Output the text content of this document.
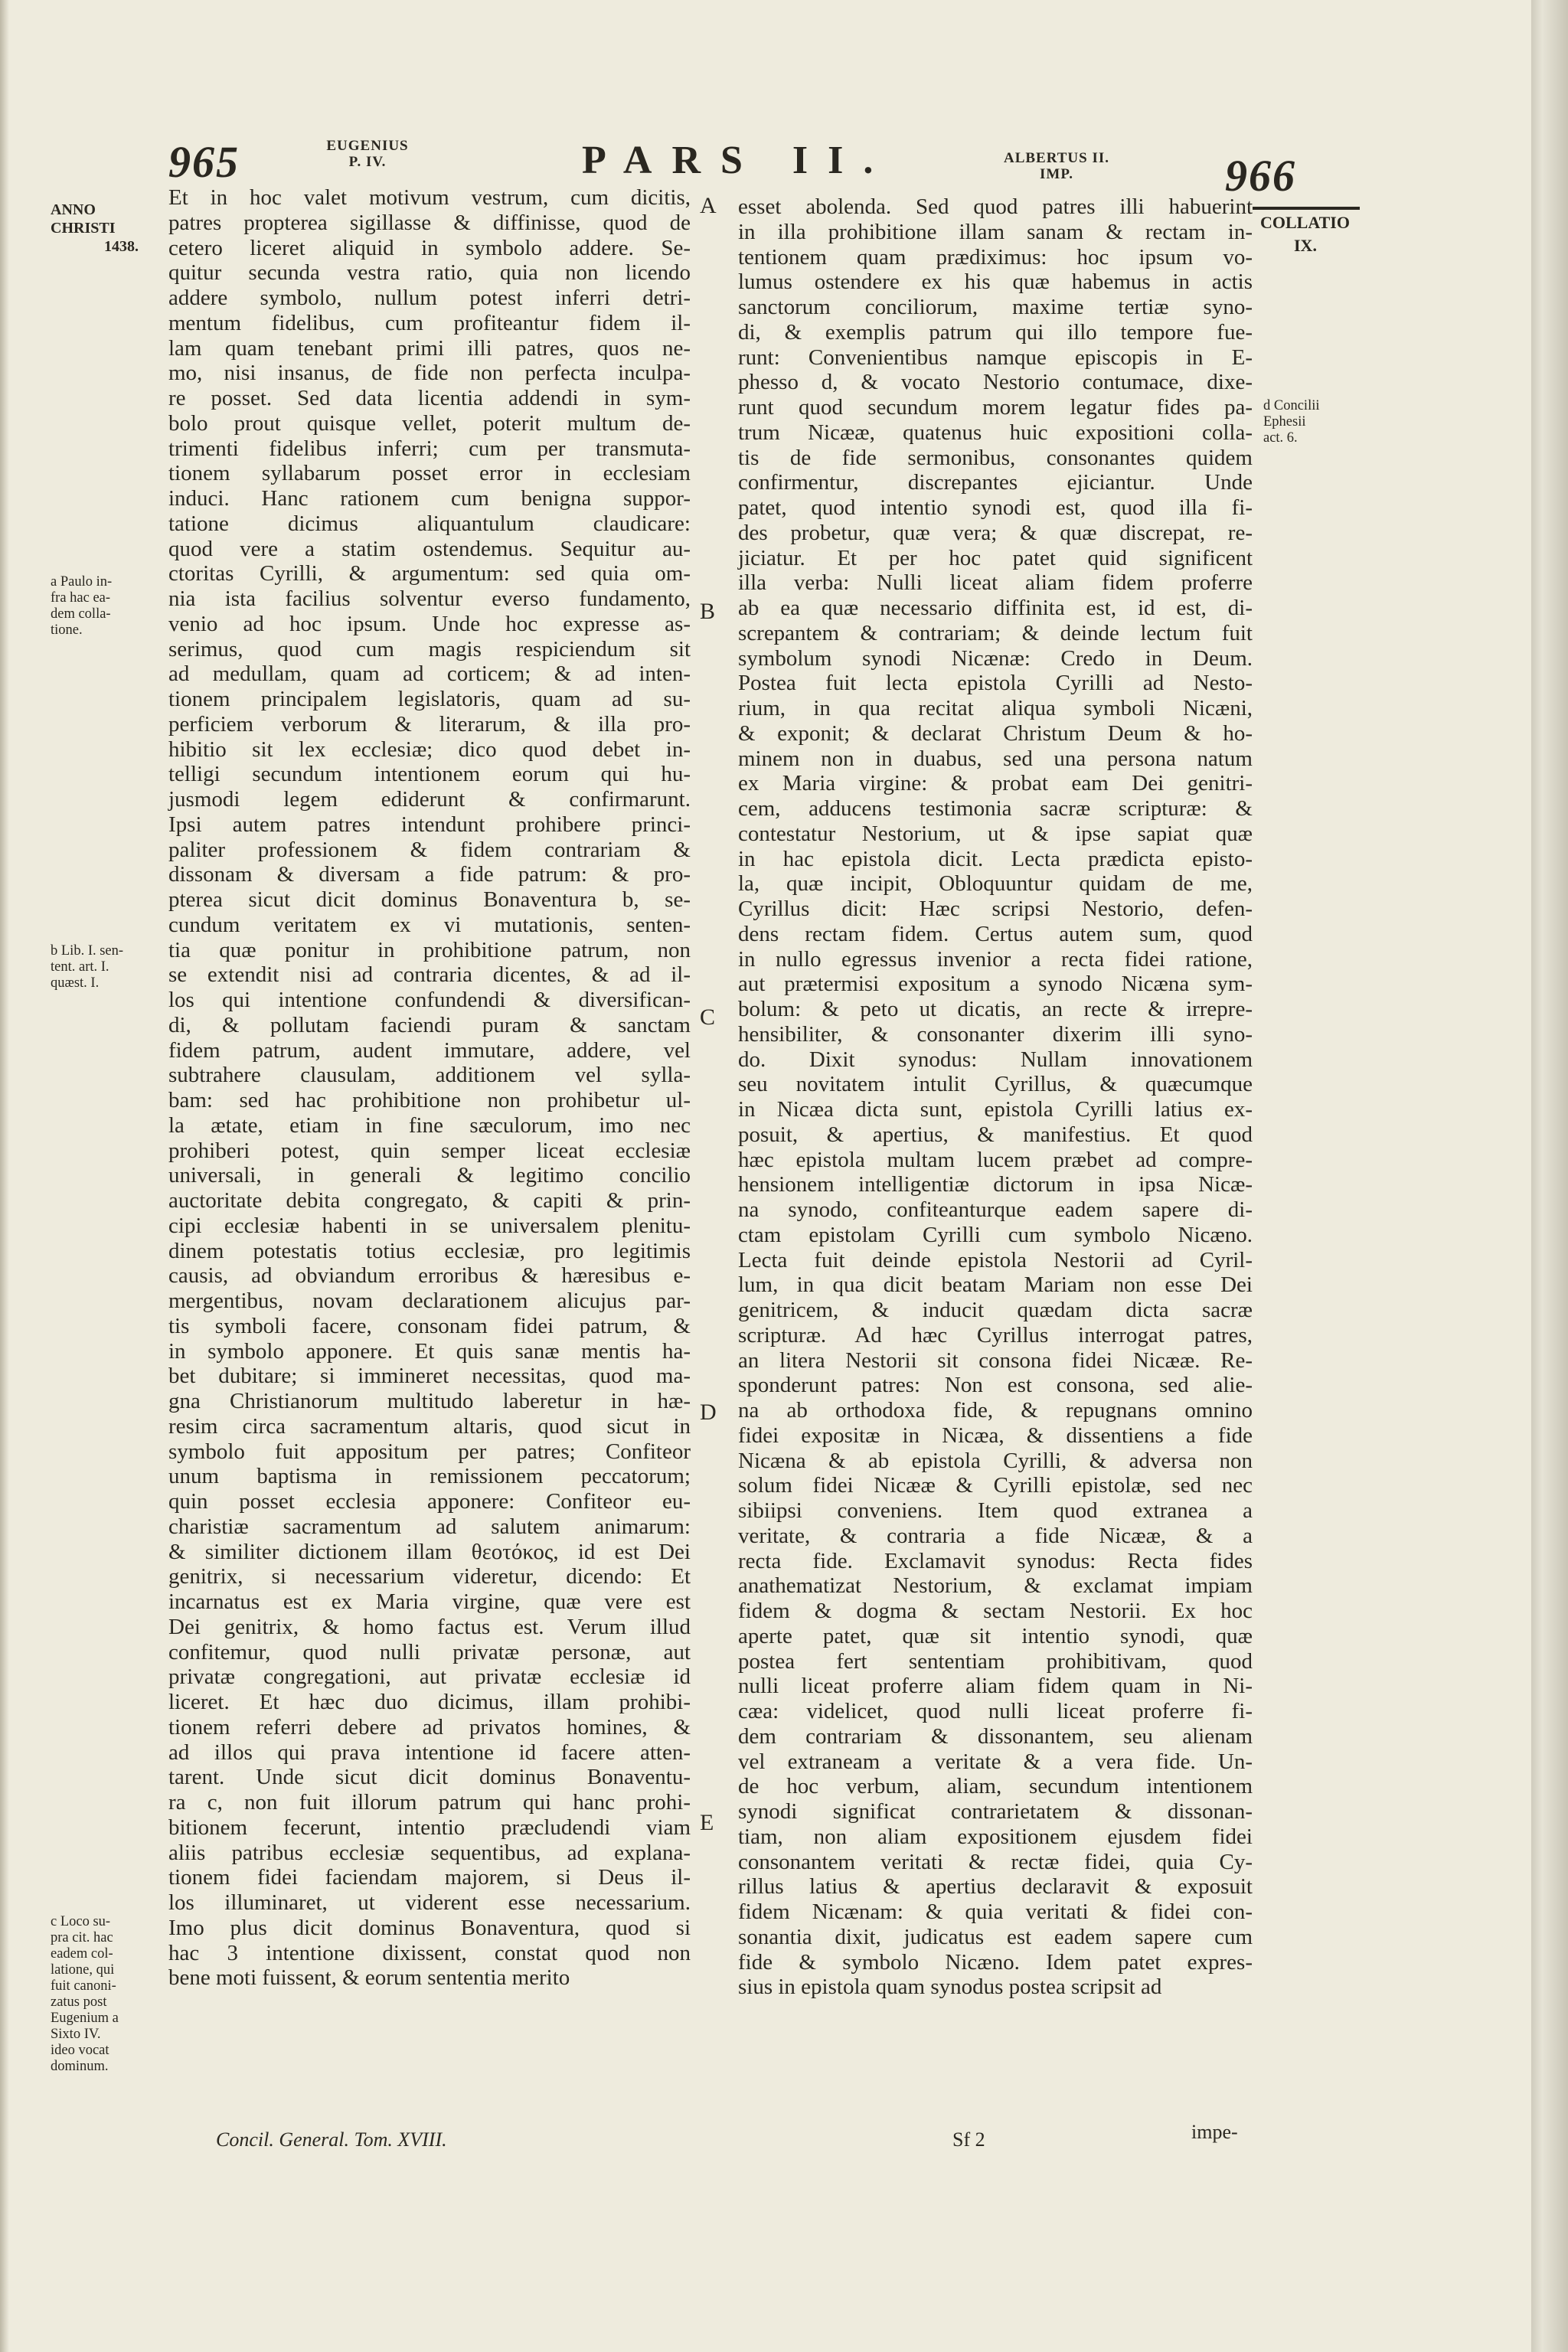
965	EUGENIUS
P. IV.	PARS II.	ALBERTUS II.
IMP.	966
ANNO
CHRISTI
1438.
a Paulo in-
fra hac ea-
dem colla-
tione.
b Lib. I. sen-
tent. art. I.
quæst. I.
c Loco su-
pra cit. hac
eadem col-
latione, qui
fuit canoni-
zatus post
Eugenium a
Sixto IV.
ideo vocat
dominum.
COLLATIO
IX.
d Concilii
Ephesii
act. 6.
A
B
C
D
E
Et in hoc valet motivum vestrum, cum dicitis,
patres propterea sigillasse & diffinisse, quod de
cetero liceret aliquid in symbolo addere. Se-
quitur secunda vestra ratio, quia non licendo
addere symbolo, nullum potest inferri detri-
mentum fidelibus, cum profiteantur fidem il-
lam quam tenebant primi illi patres, quos ne-
mo, nisi insanus, de fide non perfecta inculpa-
re posset. Sed data licentia addendi in sym-
bolo prout quisque vellet, poterit multum de-
trimenti fidelibus inferri; cum per transmuta-
tionem syllabarum posset error in ecclesiam
induci. Hanc rationem cum benigna suppor-
tatione dicimus aliquantulum claudicare:
quod vere a statim ostendemus. Sequitur au-
ctoritas Cyrilli, & argumentum: sed quia om-
nia ista facilius solventur everso fundamento,
venio ad hoc ipsum. Unde hoc expresse as-
serimus, quod cum magis respiciendum sit
ad medullam, quam ad corticem; & ad inten-
tionem principalem legislatoris, quam ad su-
perficiem verborum & literarum, & illa pro-
hibitio sit lex ecclesiæ; dico quod debet in-
telligi secundum intentionem eorum qui hu-
jusmodi legem ediderunt & confirmarunt.
Ipsi autem patres intendunt prohibere princi-
paliter professionem & fidem contrariam &
dissonam & diversam a fide patrum: & pro-
pterea sicut dicit dominus Bonaventura b, se-
cundum veritatem ex vi mutationis, senten-
tia quæ ponitur in prohibitione patrum, non
se extendit nisi ad contraria dicentes, & ad il-
los qui intentione confundendi & diversifican-
di, & pollutam faciendi puram & sanctam
fidem patrum, audent immutare, addere, vel
subtrahere clausulam, additionem vel sylla-
bam: sed hac prohibitione non prohibetur ul-
la ætate, etiam in fine sæculorum, imo nec
prohiberi potest, quin semper liceat ecclesiæ
universali, in generali & legitimo concilio
auctoritate debita congregato, & capiti & prin-
cipi ecclesiæ habenti in se universalem plenitu-
dinem potestatis totius ecclesiæ, pro legitimis
causis, ad obviandum erroribus & hæresibus e-
mergentibus, novam declarationem alicujus par-
tis symboli facere, consonam fidei patrum, &
in symbolo apponere. Et quis sanæ mentis ha-
bet dubitare; si immineret necessitas, quod ma-
gna Christianorum multitudo laberetur in hæ-
resim circa sacramentum altaris, quod sicut in
symbolo fuit appositum per patres; Confiteor
unum baptisma in remissionem peccatorum;
quin posset ecclesia apponere: Confiteor eu-
charistiæ sacramentum ad salutem animarum:
& similiter dictionem illam θεοτόκος, id est Dei
genitrix, si necessarium videretur, dicendo: Et
incarnatus est ex Maria virgine, quæ vere est
Dei genitrix, & homo factus est. Verum illud
confitemur, quod nulli privatæ personæ, aut
privatæ congregationi, aut privatæ ecclesiæ id
liceret. Et hæc duo dicimus, illam prohibi-
tionem referri debere ad privatos homines, &
ad illos qui prava intentione id facere atten-
tarent. Unde sicut dicit dominus Bonaventu-
ra c, non fuit illorum patrum qui hanc prohi-
bitionem fecerunt, intentio præcludendi viam
aliis patribus ecclesiæ sequentibus, ad explana-
tionem fidei faciendam majorem, si Deus il-
los illuminaret, ut viderent esse necessarium.
Imo plus dicit dominus Bonaventura, quod si
hac 3 intentione dixissent, constat quod non
bene moti fuissent, & eorum sententia merito
esset abolenda. Sed quod patres illi habuerint
in illa prohibitione illam sanam & rectam in-
tentionem quam prædiximus: hoc ipsum vo-
lumus ostendere ex his quæ habemus in actis
sanctorum conciliorum, maxime tertiæ syno-
di, & exemplis patrum qui illo tempore fue-
runt: Convenientibus namque episcopis in E-
phesso d, & vocato Nestorio contumace, dixe-
runt quod secundum morem legatur fides pa-
trum Nicææ, quatenus huic expositioni colla-
tis de fide sermonibus, consonantes quidem
confirmentur, discrepantes ejiciantur. Unde
patet, quod intentio synodi est, quod illa fi-
des probetur, quæ vera; & quæ discrepat, re-
jiciatur. Et per hoc patet quid significent
illa verba: Nulli liceat aliam fidem proferre
ab ea quæ necessario diffinita est, id est, di-
screpantem & contrariam; & deinde lectum fuit
symbolum synodi Nicænæ: Credo in Deum.
Postea fuit lecta epistola Cyrilli ad Nesto-
rium, in qua recitat aliqua symboli Nicæni,
& exponit; & declarat Christum Deum & ho-
minem non in duabus, sed una persona natum
ex Maria virgine: & probat eam Dei genitri-
cem, adducens testimonia sacræ scripturæ: &
contestatur Nestorium, ut & ipse sapiat quæ
in hac epistola dicit. Lecta prædicta episto-
la, quæ incipit, Obloquuntur quidam de me,
Cyrillus dicit: Hæc scripsi Nestorio, defen-
dens rectam fidem. Certus autem sum, quod
in nullo egressus invenior a recta fidei ratione,
aut prætermisi expositum a synodo Nicæna sym-
bolum: & peto ut dicatis, an recte & irrepre-
hensibiliter, & consonanter dixerim illi syno-
do. Dixit synodus: Nullam innovationem
seu novitatem intulit Cyrillus, & quæcumque
in Nicæa dicta sunt, epistola Cyrilli latius ex-
posuit, & apertius, & manifestius. Et quod
hæc epistola multam lucem præbet ad compre-
hensionem intelligentiæ dictorum in ipsa Nicæ-
na synodo, confiteanturque eadem sapere di-
ctam epistolam Cyrilli cum symbolo Nicæno.
Lecta fuit deinde epistola Nestorii ad Cyril-
lum, in qua dicit beatam Mariam non esse Dei
genitricem, & inducit quædam dicta sacræ
scripturæ. Ad hæc Cyrillus interrogat patres,
an litera Nestorii sit consona fidei Nicææ. Re-
sponderunt patres: Non est consona, sed alie-
na ab orthodoxa fide, & repugnans omnino
fidei expositæ in Nicæa, & dissentiens a fide
Nicæna & ab epistola Cyrilli, & adversa non
solum fidei Nicææ & Cyrilli epistolæ, sed nec
sibiipsi conveniens. Item quod extranea a
veritate, & contraria a fide Nicææ, & a
recta fide. Exclamavit synodus: Recta fides
anathematizat Nestorium, & exclamat impiam
fidem & dogma & sectam Nestorii. Ex hoc
aperte patet, quæ sit intentio synodi, quæ
postea fert sententiam prohibitivam, quod
nulli liceat proferre aliam fidem quam in Ni-
cæa: videlicet, quod nulli liceat proferre fi-
dem contrariam & dissonantem, seu alienam
vel extraneam a veritate & a vera fide. Un-
de hoc verbum, aliam, secundum intentionem
synodi significat contrarietatem & dissonan-
tiam, non aliam expositionem ejusdem fidei
consonantem veritati & rectæ fidei, quia Cy-
rillus latius & apertius declaravit & exposuit
fidem Nicænam: & quia veritati & fidei con-
sonantia dixit, judicatus est eadem sapere cum
fide & symbolo Nicæno. Idem patet expres-
sius in epistola quam synodus postea scripsit ad
Concil. General. Tom. XVIII.	Sf 2	impe-
